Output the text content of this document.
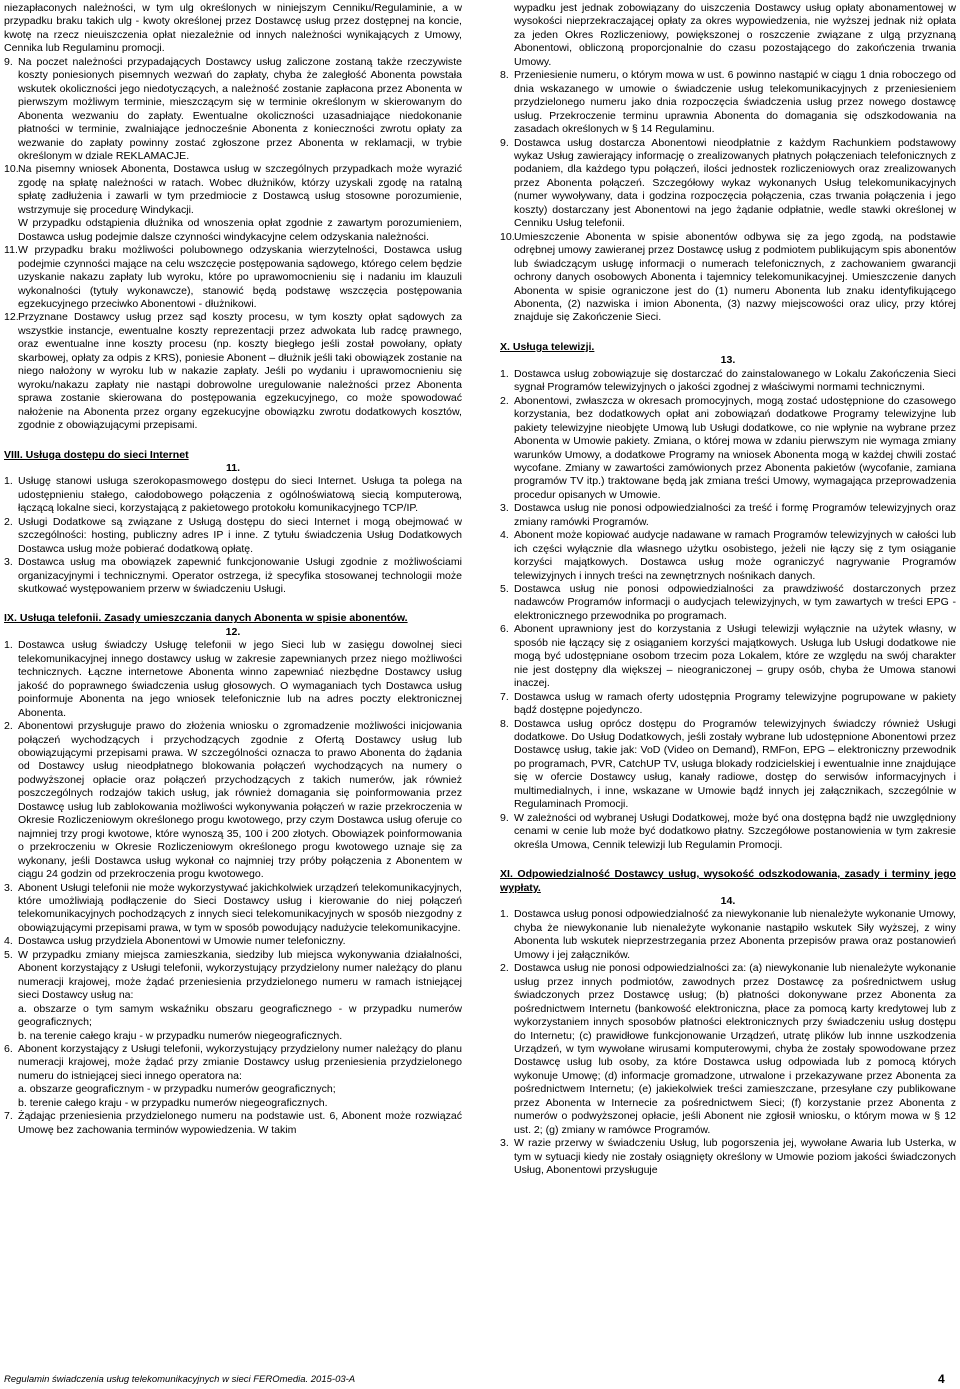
niezapłaconych należności, w tym ulg określonych w niniejszym Cenniku/Regulaminie, a w przypadku braku takich ulg - kwoty określonej przez Dostawcę usług przez dostępnej na koncie, kwotę na rzecz nieuiszczenia opłat niezależnie od innych należności wynikających z Umowy, Cennika lub Regulaminu promocji.

9. Na poczet należności przypadających Dostawcy usług zaliczone zostaną także rzeczywiste koszty poniesionych pisemnych wezwań do zapłaty, chyba że zaległość Abonenta powstała wskutek okoliczności jego niedotyczących, a należność zostanie zapłacona przez Abonenta w pierwszym możliwym terminie, mieszczącym się w terminie określonym w skierowanym do Abonenta wezwaniu do zapłaty. Ewentualne okoliczności uzasadniające niedokonanie płatności w terminie, zwalniające jednocześnie Abonenta z konieczności zwrotu opłaty za wezwanie do zapłaty powinny zostać zgłoszone przez Abonenta w reklamacji, w trybie określonym w dziale REKLAMACJE.

10. Na pisemny wniosek Abonenta, Dostawca usług w szczególnych przypadkach może wyrazić zgodę na spłatę należności w ratach. Wobec dłużników, którzy uzyskali zgodę na ratalną spłatę zadłużenia i zawarli w tym przedmiocie z Dostawcą usług stosowne porozumienie, wstrzymuje się procedurę Windykacji.

W przypadku odstąpienia dłużnika od wnoszenia opłat zgodnie z zawartym porozumieniem, Dostawca usług podejmie dalsze czynności windykacyjne celem odzyskania należności.

11. W przypadku braku możliwości polubownego odzyskania wierzytelności, Dostawca usług podejmie czynności mające na celu wszczęcie postępowania sądowego, którego celem będzie uzyskanie nakazu zapłaty lub wyroku, które po uprawomocnieniu się i nadaniu im klauzuli wykonalności (tytuły wykonawcze), stanowić będą podstawę wszczęcia postępowania egzekucyjnego przeciwko Abonentowi - dłużnikowi.

12. Przyznane Dostawcy usług przez sąd koszty procesu, w tym koszty opłat sądowych za wszystkie instancje, ewentualne koszty reprezentacji przez adwokata lub radcę prawnego, oraz ewentualne inne koszty procesu (np. koszty biegłego jeśli został powołany, opłaty skarbowej, opłaty za odpis z KRS), poniesie Abonent – dłużnik jeśli taki obowiązek zostanie na niego nałożony w wyroku lub w nakazie zapłaty. Jeśli po wydaniu i uprawomocnieniu się wyroku/nakazu zapłaty nie nastąpi dobrowolne uregulowanie należności przez Abonenta sprawa zostanie skierowana do postępowania egzekucyjnego, co może spowodować nałożenie na Abonenta przez organy egzekucyjne obowiązku zwrotu dodatkowych kosztów, zgodnie z obowiązującymi przepisami.

VIII. Usługa dostępu do sieci Internet

11.

1. Usługę stanowi usługa szerokopasmowego dostępu do sieci Internet. Usługa ta polega na udostępnieniu stałego, całodobowego połączenia z ogólnoświatową siecią komputerową, łączącą lokalne sieci, korzystającą z pakietowego protokołu komunikacyjnego TCP/IP.

2. Usługi Dodatkowe są związane z Usługą dostępu do sieci Internet i mogą obejmować w szczególności: hosting, publiczny adres IP i inne. Z tytułu świadczenia Usług Dodatkowych Dostawca usług może pobierać dodatkową opłatę.

3. Dostawca usług ma obowiązek zapewnić funkcjonowanie Usługi zgodnie z możliwościami organizacyjnymi i technicznymi. Operator ostrzega, iż specyfika stosowanej technologii może skutkować występowaniem przerw w świadczeniu Usługi.

IX. Usługa telefonii. Zasady umieszczania danych Abonenta w spisie abonentów.

12.

1. Dostawca usług świadczy Usługę telefonii w jego Sieci lub w zasięgu dowolnej sieci telekomunikacyjnej innego dostawcy usług w zakresie zapewnianych przez niego możliwości technicznych. Łączne internetowe Abonenta winno zapewniać niezbędne Dostawcy usług jakość do poprawnego świadczenia usług głosowych. O wymaganiach tych Dostawca usług poinformuje Abonenta na jego wniosek telefonicznie lub na adres poczty elektronicznej Abonenta.

2. Abonentowi przysługuje prawo do złożenia wniosku o zgromadzenie możliwości inicjowania połączeń wychodzących i przychodzących zgodnie z Ofertą Dostawcy usług lub obowiązującymi przepisami prawa. W szczególności oznacza to prawo Abonenta do żądania od Dostawcy usług nieodpłatnego blokowania połączeń wychodzących na numery o podwyższonej opłacie oraz połączeń przychodzących z takich numerów, jak również poszczególnych rodzajów takich usług, jak również domagania się poinformowania przez Dostawcę usług lub zablokowania możliwości wykonywania połączeń w razie przekroczenia w Okresie Rozliczeniowym określonego progu kwotowego, przy czym Dostawca usług oferuje co najmniej trzy progi kwotowe, które wynoszą 35, 100 i 200 złotych. Obowiązek poinformowania o przekroczeniu w Okresie Rozliczeniowym określonego progu kwotowego uznaje się za wykonany, jeśli Dostawca usług wykonał co najmniej trzy próby połączenia z Abonentem w ciągu 24 godzin od przekroczenia progu kwotowego.

3. Abonent Usługi telefonii nie może wykorzystywać jakichkolwiek urządzeń telekomunikacyjnych, które umożliwiają podłączenie do Sieci Dostawcy usług i kierowanie do niej połączeń telekomunikacyjnych pochodzących z innych sieci telekomunikacyjnych w sposób niezgodny z obowiązującymi przepisami prawa, w tym w sposób powodujący nadużycie telekomunikacyjne.

4. Dostawca usług przydziela Abonentowi w Umowie numer telefoniczny.

5. W przypadku zmiany miejsca zamieszkania, siedziby lub miejsca wykonywania działalności, Abonent korzystający z Usługi telefonii, wykorzystujący przydzielony numer należący do planu numeracji krajowej, może żądać przeniesienia przydzielonego numeru w ramach istniejącej sieci Dostawcy usług na:

a. obszarze o tym samym wskaźniku obszaru geograficznego - w przypadku numerów geograficznych;

b. na terenie całego kraju - w przypadku numerów niegeograficznych.

6. Abonent korzystający z Usługi telefonii, wykorzystujący przydzielony numer należący do planu numeracji krajowej, może żądać przy zmianie Dostawcy usług przeniesienia przydzielonego numeru do istniejącej sieci innego operatora na:

a. obszarze geograficznym - w przypadku numerów geograficznych;

b. terenie całego kraju - w przypadku numerów niegeograficznych.

7. Żądając przeniesienia przydzielonego numeru na podstawie ust. 6, Abonent może rozwiązać Umowę bez zachowania terminów wypowiedzenia. W takim

wypadku jest jednak zobowiązany do uiszczenia Dostawcy usług opłaty abonamentowej w wysokości nieprzekraczającej opłaty za okres wypowiedzenia, nie wyższej jednak niż opłata za jeden Okres Rozliczeniowy, powiększonej o roszczenie związane z ulgą przyznaną Abonentowi, obliczoną proporcjonalnie do czasu pozostającego do zakończenia trwania Umowy.

8. Przeniesienie numeru, o którym mowa w ust. 6 powinno nastąpić w ciągu 1 dnia roboczego od dnia wskazanego w umowie o świadczenie usług telekomunikacyjnych z przeniesieniem przydzielonego numeru jako dnia rozpoczęcia świadczenia usług przez nowego dostawcę usług. Przekroczenie terminu uprawnia Abonenta do domagania się odszkodowania na zasadach określonych w § 14 Regulaminu.

9. Dostawca usług dostarcza Abonentowi nieodpłatnie z każdym Rachunkiem podstawowy wykaz Usług zawierający informację o zrealizowanych płatnych połączeniach telefonicznych z podaniem, dla każdego typu połączeń, ilości jednostek rozliczeniowych oraz zrealizowanych przez Abonenta połączeń. Szczegółowy wykaz wykonanych Usług telekomunikacyjnych (numer wywoływany, data i godzina rozpoczęcia połączenia, czas trwania połączenia i jego koszty) dostarczany jest Abonentowi na jego żądanie odpłatnie, wedle stawki określonej w Cenniku Usług telefonii.

10. Umieszczenie Abonenta w spisie abonentów odbywa się za jego zgodą, na podstawie odrębnej umowy zawieranej przez Dostawcę usług z podmiotem publikującym spis abonentów lub świadczącym usługę informacji o numerach telefonicznych, z zachowaniem gwarancji ochrony danych osobowych Abonenta i tajemnicy telekomunikacyjnej. Umieszczenie danych Abonenta w spisie ograniczone jest do (1) numeru Abonenta lub znaku identyfikującego Abonenta, (2) nazwiska i imion Abonenta, (3) nazwy miejscowości oraz ulicy, przy której znajduje się Zakończenie Sieci.

X. Usługa telewizji.

13.

1. Dostawca usług zobowiązuje się dostarczać do zainstalowanego w Lokalu Zakończenia Sieci sygnał Programów telewizyjnych o jakości zgodnej z właściwymi normami technicznymi.

2. Abonentowi, zwłaszcza w okresach promocyjnych, mogą zostać udostępnione do czasowego korzystania, bez dodatkowych opłat ani zobowiązań dodatkowe Programy telewizyjne lub pakiety telewizyjne nieobjęte Umową lub Usługi dodatkowe, co nie wpłynie na wybrane przez Abonenta w Umowie pakiety. Zmiana, o której mowa w zdaniu pierwszym nie wymaga zmiany warunków Umowy, a dodatkowe Programy na wniosek Abonenta mogą w każdej chwili zostać wycofane. Zmiany w zawartości zamówionych przez Abonenta pakietów (wycofanie, zamiana programów TV itp.) traktowane będą jak zmiana treści Umowy, wymagająca przeprowadzenia procedur opisanych w Umowie.

3. Dostawca usług nie ponosi odpowiedzialności za treść i formę Programów telewizyjnych oraz zmiany ramówki Programów.

4. Abonent może kopiować audycje nadawane w ramach Programów telewizyjnych w całości lub ich części wyłącznie dla własnego użytku osobistego, jeżeli nie łączy się z tym osiąganie korzyści majątkowych. Dostawca usług może ograniczyć nagrywanie Programów telewizyjnych i innych treści na zewnętrznych nośnikach danych.

5. Dostawca usług nie ponosi odpowiedzialności za prawdziwość dostarczonych przez nadawców Programów informacji o audycjach telewizyjnych, w tym zawartych w treści EPG - elektronicznego przewodnika po programach.

6. Abonent uprawniony jest do korzystania z Usługi telewizji wyłącznie na użytek własny, w sposób nie łączący się z osiąganiem korzyści majątkowych. Usługa lub Usługi dodatkowe nie mogą być udostępniane osobom trzecim poza Lokalem, które ze względu na swój charakter nie jest dostępny dla większej – nieograniczonej – grupy osób, chyba że Umowa stanowi inaczej.

7. Dostawca usług w ramach oferty udostępnia Programy telewizyjne pogrupowane w pakiety bądź dostępne pojedynczo.

8. Dostawca usług oprócz dostępu do Programów telewizyjnych świadczy również Usługi dodatkowe. Do Usług Dodatkowych, jeśli zostały wybrane lub udostępnione Abonentowi przez Dostawcę usług, takie jak: VoD (Video on Demand), RMFon, EPG – elektroniczny przewodnik po programach, PVR, CatchUP TV, usługa blokady rodzicielskiej i ewentualnie inne znajdujące się w ofercie Dostawcy usług, kanały radiowe, dostęp do serwisów informacyjnych i multimedialnych, i inne, wskazane w Umowie bądź innych jej załącznikach, szczególnie w Regulaminach Promocji.

9. W zależności od wybranej Usługi Dodatkowej, może być ona dostępna bądź nie uwzględniony cenami w cenie lub może być dodatkowo płatny. Szczegółowe postanowienia w tym zakresie określa Umowa, Cennik telewizji lub Regulamin Promocji.

XI. Odpowiedzialność Dostawcy usług, wysokość odszkodowania, zasady i terminy jego wypłaty.

14.

1. Dostawca usług ponosi odpowiedzialność za niewykonanie lub nienależyte wykonanie Umowy, chyba że niewykonanie lub nienależyte wykonanie nastąpiło wskutek Siły wyższej, z winy Abonenta lub wskutek nieprzestrzegania przez Abonenta przepisów prawa oraz postanowień Umowy i jej załączników.

2. Dostawca usług nie ponosi odpowiedzialności za: (a) niewykonanie lub nienależyte wykonanie usług przez innych podmiotów, zawodnych przez Dostawcę za pośrednictwem usług świadczonych przez Dostawcę usług; (b) płatności dokonywane przez Abonenta za pośrednictwem Internetu (bankowość elektroniczna, płace za pomocą karty kredytowej lub z wykorzystaniem innych sposobów płatności elektronicznych przy świadczeniu usług dostępu do Internetu; (c) prawidłowe funkcjonowanie Urządzeń, utratę plików lub innne uszkodzenia Urządzeń, w tym wywołane wirusami komputerowymi, chyba że zostały spowodowane przez Dostawcę usług lub osoby, za które Dostawca usług odpowiada lub z pomocą których wykonuje Umowę; (d) informacje gromadzone, utrwalone i przekazywane przez Abonenta za pośrednictwem Internetu; (e) jakiekolwiek treści zamieszczane, przesyłane czy publikowane przez Abonenta w Internecie za pośrednictwem Sieci; (f) korzystanie przez Abonenta z numerów o podwyższonej opłacie, jeśli Abonent nie zgłosił wniosku, o którym mowa w § 12 ust. 2; (g) zmiany w ramówce Programów.

3. W razie przerwy w świadczeniu Usług, lub pogorszenia jej, wywołane Awaria lub Usterka, w tym w sytuacji kiedy nie zostały osiągnięty określony w Umowie poziom jakości świadczonych Usług, Abonentowi przysługuje

Regulamin świadczenia usług telekomunikacyjnych w sieci FEROmedia. 2015-03-A	4
